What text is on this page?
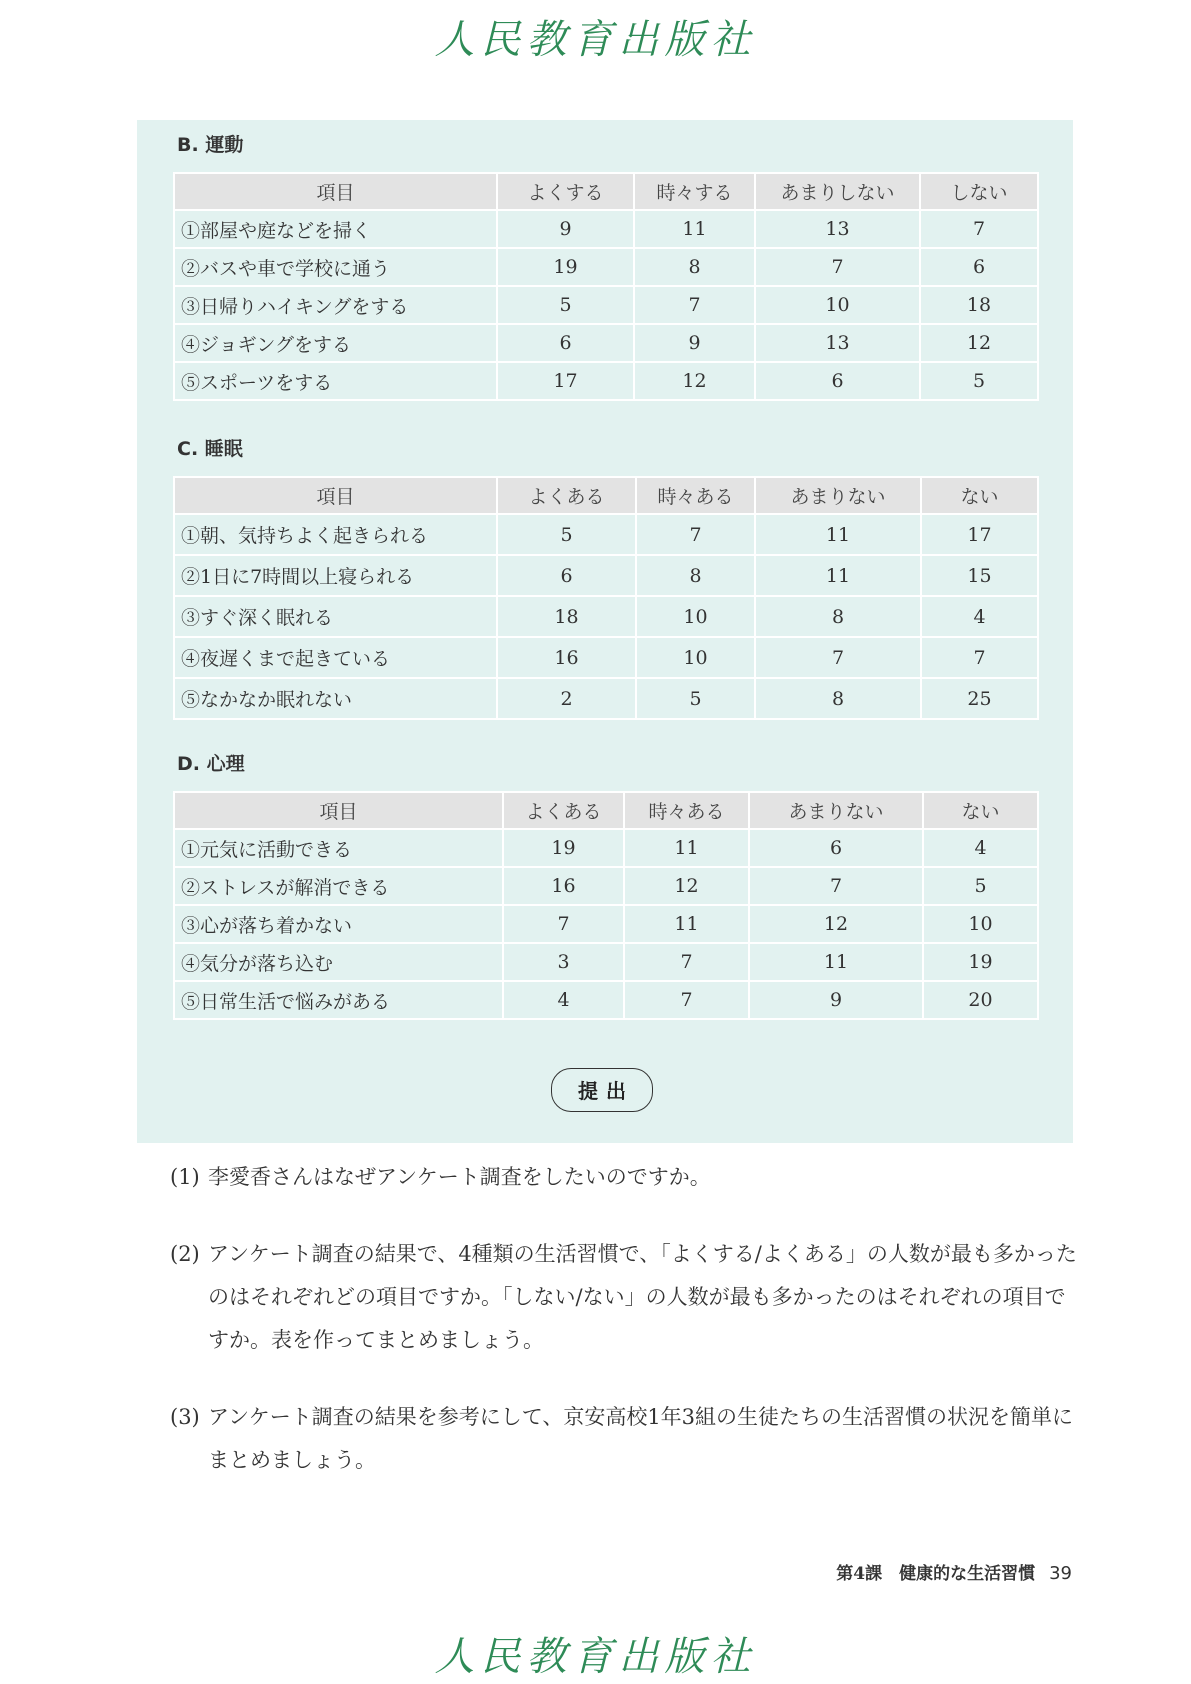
人民教育出版社
B. 運動
項目	よくする	時々する	あまりしない	しない
①部屋や庭などを掃く	9	11	13	7
②バスや車で学校に通う	19	8	7	6
③日帰りハイキングをする	5	7	10	18
④ジョギングをする	6	9	13	12
⑤スポーツをする	17	12	6	5
C. 睡眠
項目	よくある	時々ある	あまりない	ない
①朝、気持ちよく起きられる	5	7	11	17
②1日に7時間以上寝られる	6	8	11	15
③すぐ深く眠れる	18	10	8	4
④夜遅くまで起きている	16	10	7	7
⑤なかなか眠れない	2	5	8	25
D. 心理
項目	よくある	時々ある	あまりない	ない
①元気に活動できる	19	11	6	4
②ストレスが解消できる	16	12	7	5
③心が落ち着かない	7	11	12	10
④気分が落ち込む	3	7	11	19
⑤日常生活で悩みがある	4	7	9	20
提出
(1) 李愛香さんはなぜアンケート調査をしたいのですか。
(2) アンケート調査の結果で、4種類の生活習慣で、「よくする/よくある」の人数が最も多かったのはそれぞれどの項目ですか。「しない/ない」の人数が最も多かったのはそれぞれの項目ですか。表を作ってまとめましょう。
(3) アンケート調査の結果を参考にして、京安高校1年3組の生徒たちの生活習慣の状況を簡単にまとめましょう。
第4課　健康的な生活習慣 39
人民教育出版社
